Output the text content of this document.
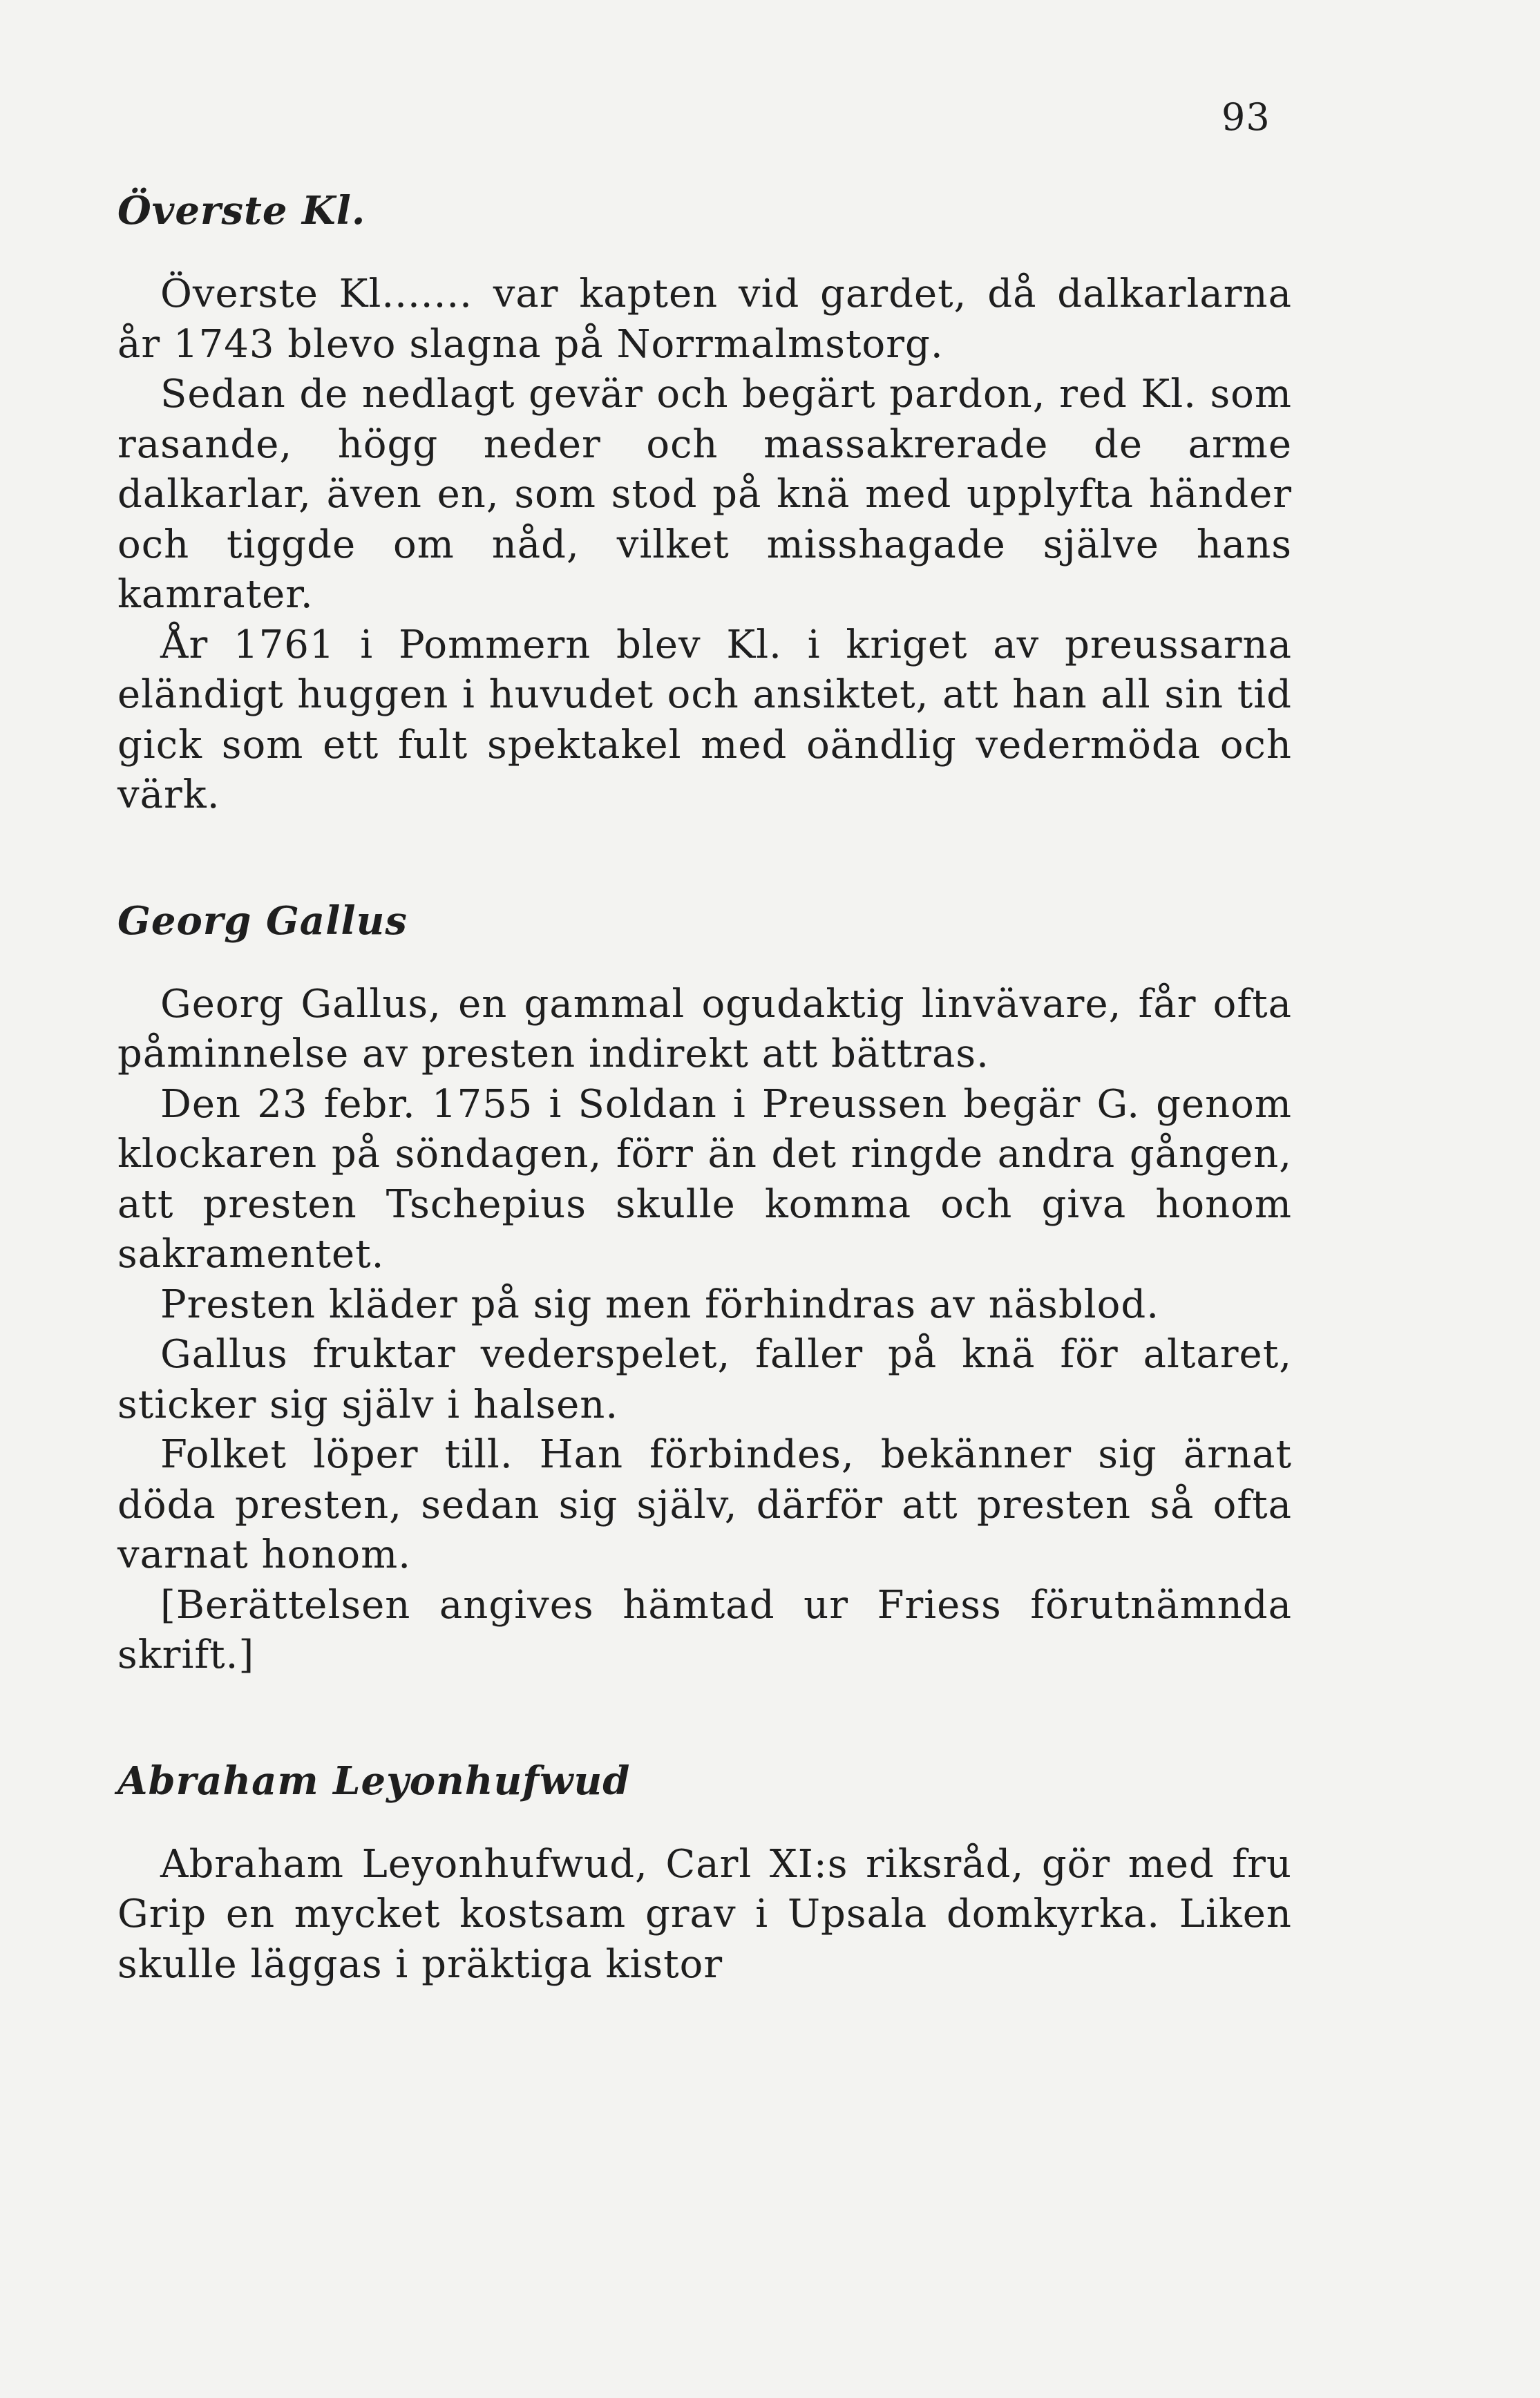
93
Överste Kl.

Överste Kl....... var kapten vid gardet, då dalkarlarna år 1743 blevo slagna på Norrmalmstorg.

Sedan de nedlagt gevär och begärt pardon, red Kl. som rasande, högg neder och massakrerade de arme dalkarlar, även en, som stod på knä med upplyfta händer och tiggde om nåd, vilket misshagade själve hans kamrater.

År 1761 i Pommern blev Kl. i kriget av preussarna eländigt huggen i huvudet och ansiktet, att han all sin tid gick som ett fult spektakel med oändlig vedermöda och värk.

Georg Gallus

Georg Gallus, en gammal ogudaktig linvävare, får ofta påminnelse av presten indirekt att bättras.

Den 23 febr. 1755 i Soldan i Preussen begär G. genom klockaren på söndagen, förr än det ringde andra gången, att presten Tschepius skulle komma och giva honom sakramentet.

Presten kläder på sig men förhindras av näsblod.

Gallus fruktar vederspelet, faller på knä för altaret, sticker sig själv i halsen.

Folket löper till. Han förbindes, bekänner sig ärnat döda presten, sedan sig själv, därför att presten så ofta varnat honom.

[Berättelsen angives hämtad ur Friess förutnämnda skrift.]

Abraham Leyonhufwud

Abraham Leyonhufwud, Carl XI:s riksråd, gör med fru Grip en mycket kostsam grav i Upsala domkyrka. Liken skulle läggas i präktiga kistor
